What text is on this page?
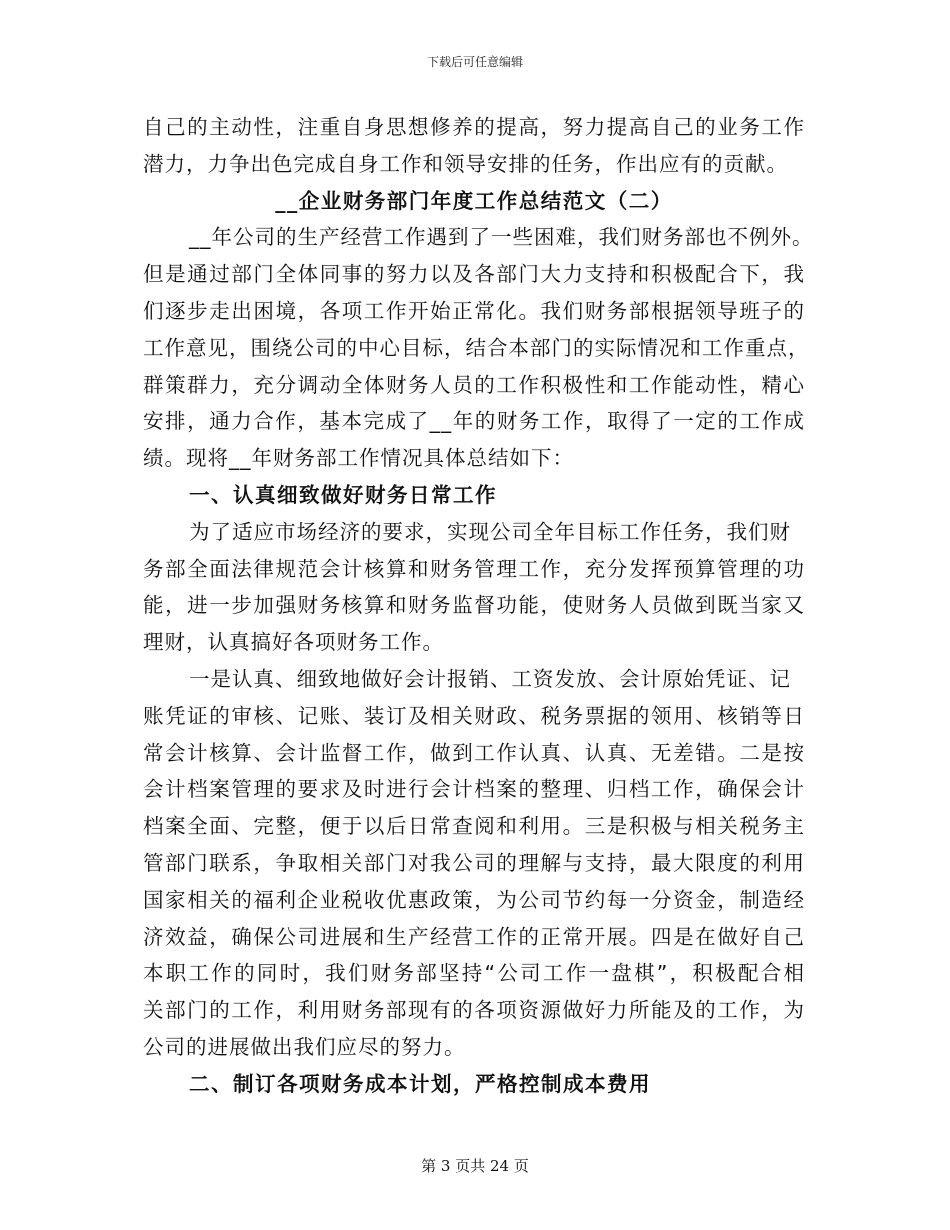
下载后可任意编辑
自己的主动性，注重自身思想修养的提高，努力提高自己的业务工作
潜力，力争出色完成自身工作和领导安排的任务，作出应有的贡献。
__企业财务部门年度工作总结范文（二）
__年公司的生产经营工作遇到了一些困难，我们财务部也不例外。
但是通过部门全体同事的努力以及各部门大力支持和积极配合下，我
们逐步走出困境，各项工作开始正常化。我们财务部根据领导班子的
工作意见，围绕公司的中心目标，结合本部门的实际情况和工作重点，
群策群力，充分调动全体财务人员的工作积极性和工作能动性，精心
安排，通力合作，基本完成了__年的财务工作，取得了一定的工作成
绩。现将__年财务部工作情况具体总结如下：
一、认真细致做好财务日常工作
为了适应市场经济的要求，实现公司全年目标工作任务，我们财
务部全面法律规范会计核算和财务管理工作，充分发挥预算管理的功
能，进一步加强财务核算和财务监督功能，使财务人员做到既当家又
理财，认真搞好各项财务工作。
一是认真、细致地做好会计报销、工资发放、会计原始凭证、记
账凭证的审核、记账、装订及相关财政、税务票据的领用、核销等日
常会计核算、会计监督工作，做到工作认真、认真、无差错。二是按
会计档案管理的要求及时进行会计档案的整理、归档工作，确保会计
档案全面、完整，便于以后日常查阅和利用。三是积极与相关税务主
管部门联系，争取相关部门对我公司的理解与支持，最大限度的利用
国家相关的福利企业税收优惠政策，为公司节约每一分资金，制造经
济效益，确保公司进展和生产经营工作的正常开展。四是在做好自己
本职工作的同时，我们财务部坚持“公司工作一盘棋”，积极配合相
关部门的工作，利用财务部现有的各项资源做好力所能及的工作，为
公司的进展做出我们应尽的努力。
二、制订各项财务成本计划，严格控制成本费用
第 3 页共 24 页
